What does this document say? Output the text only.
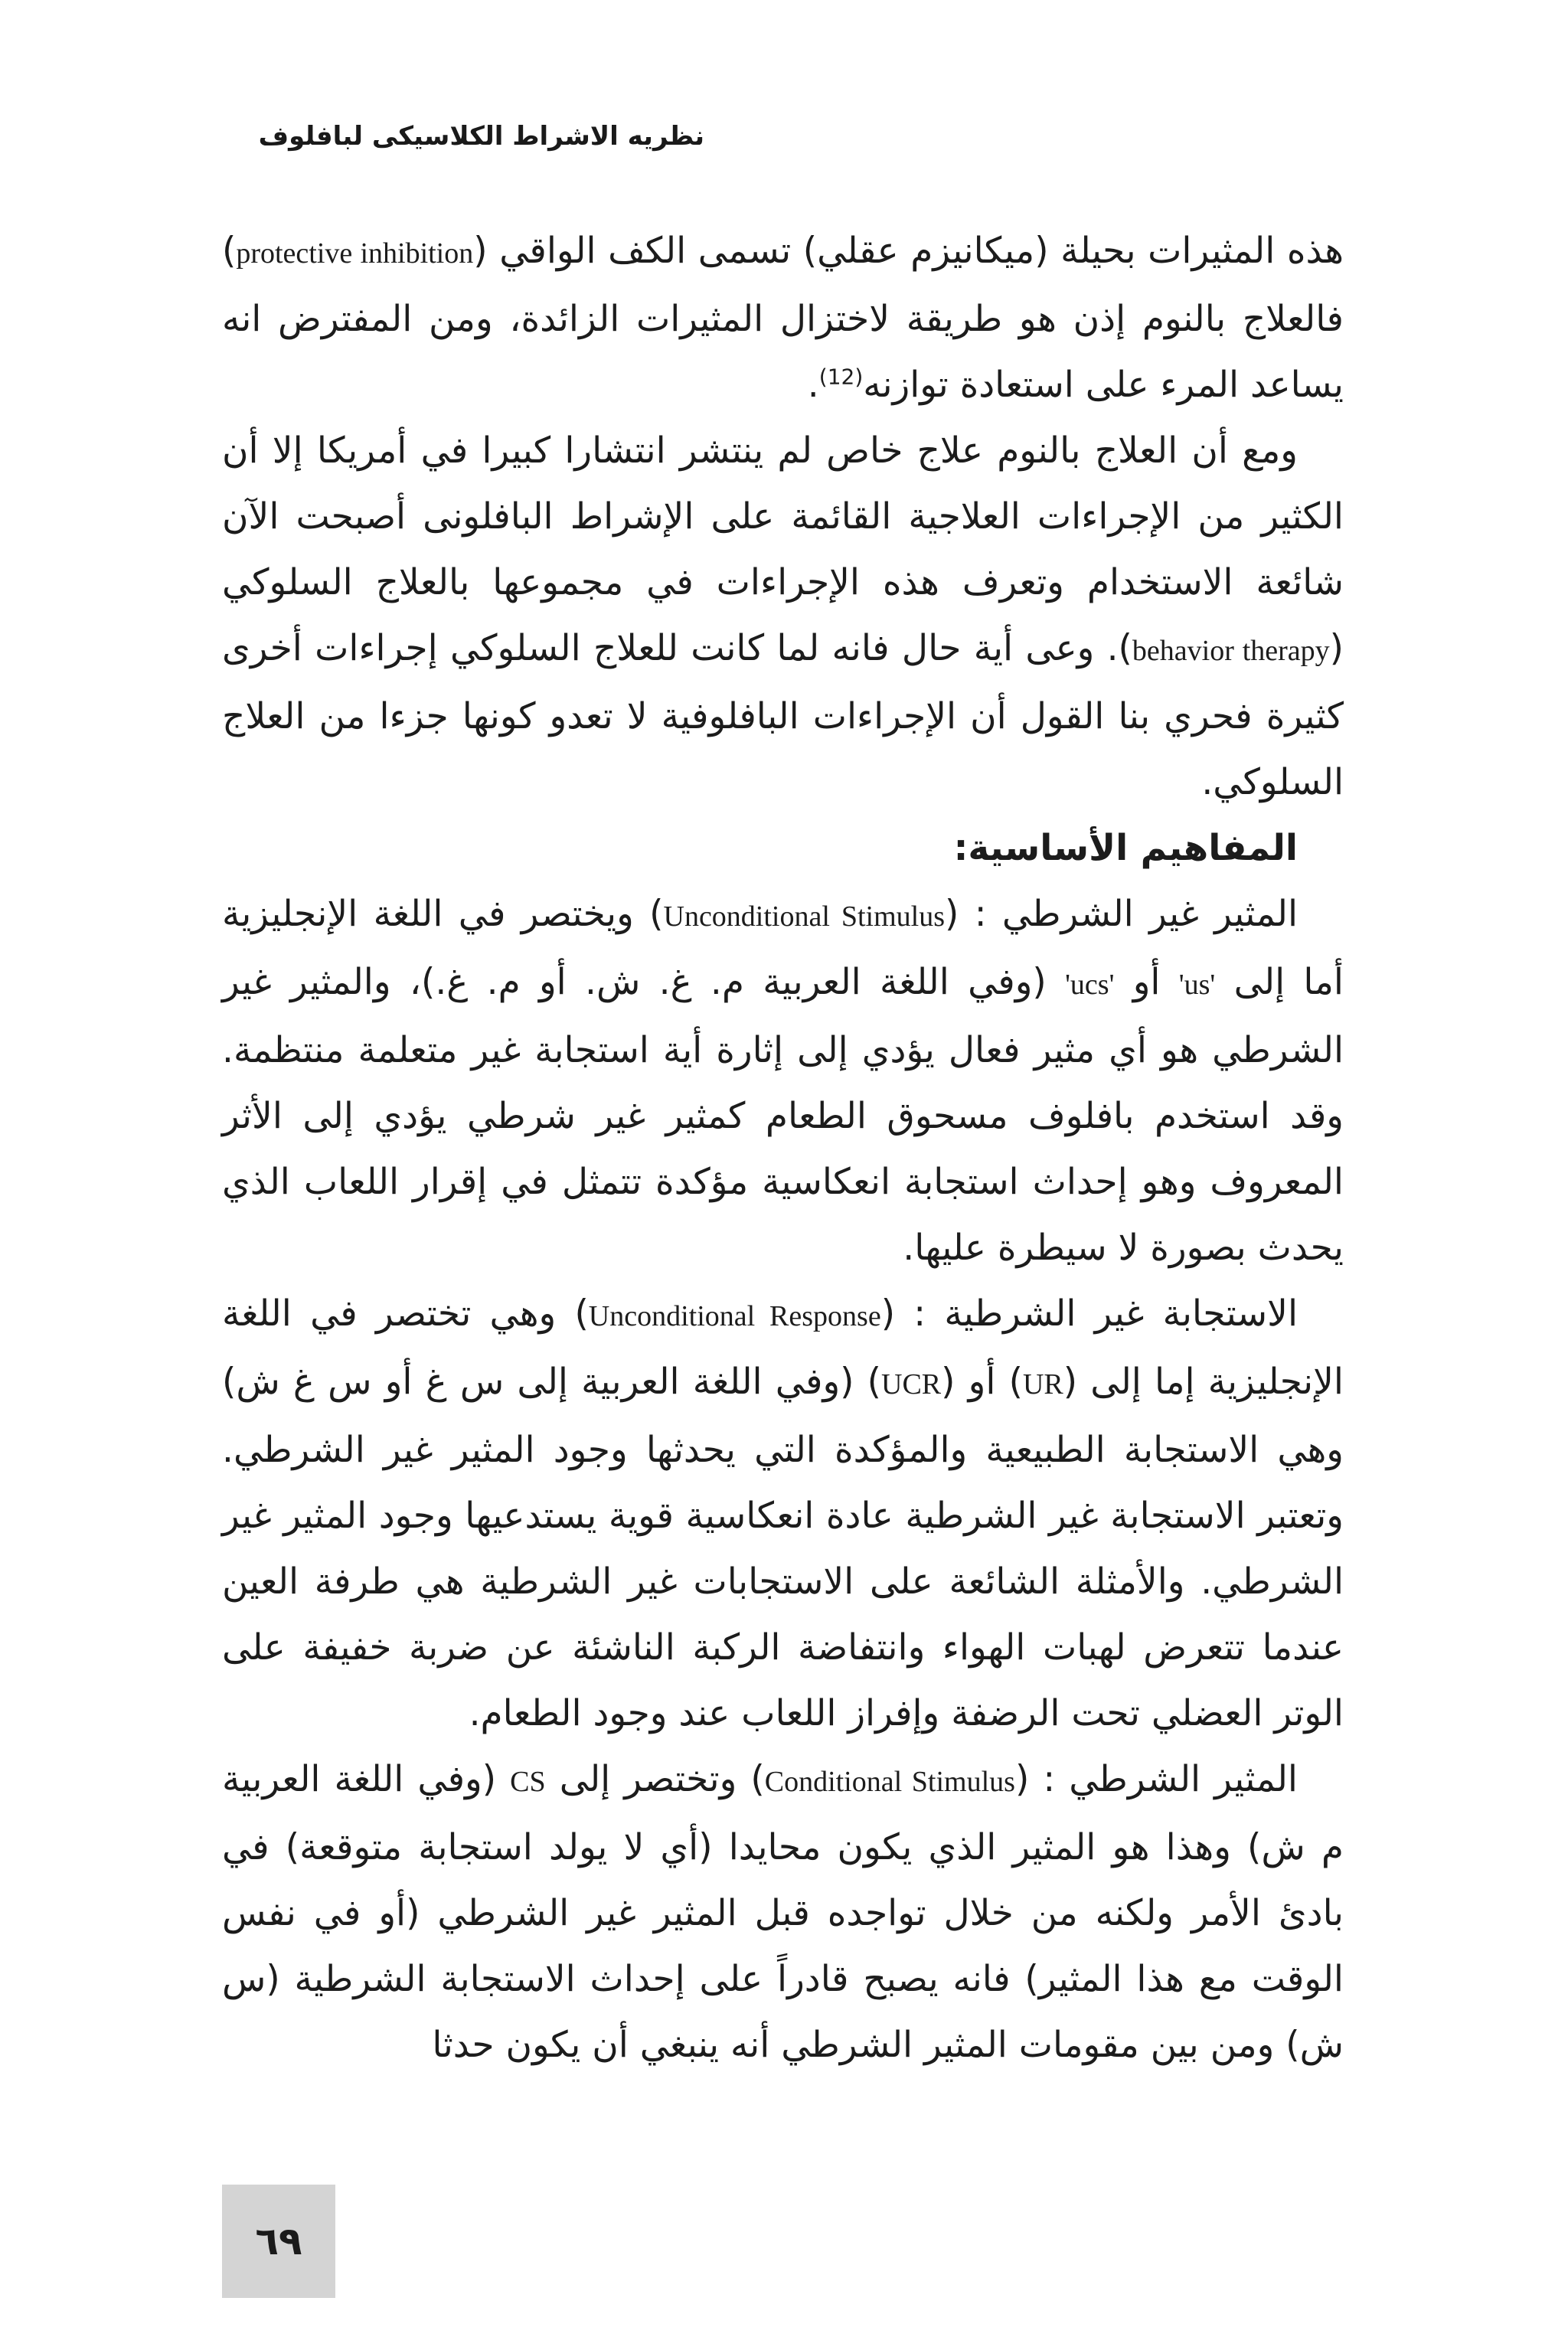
نظريه الاشراط الكلاسيكى لبافلوف

هذه المثيرات بحيلة (ميكانيزم عقلي) تسمى الكف الواقي (protective inhibition) فالعلاج بالنوم إذن هو طريقة لاختزال المثيرات الزائدة، ومن المفترض انه يساعد المرء على استعادة توازنه$^{(12)}$.

ومع أن العلاج بالنوم علاج خاص لم ينتشر انتشارا كبيرا في أمريكا إلا أن الكثير من الإجراءات العلاجية القائمة على الإشراط البافلونى أصبحت الآن شائعة الاستخدام وتعرف هذه الإجراءات في مجموعها بالعلاج السلوكي (behavior therapy). وعى أية حال فانه لما كانت للعلاج السلوكي إجراءات أخرى كثيرة فحري بنا القول أن الإجراءات البافلوفية لا تعدو كونها جزءا من العلاج السلوكي.

المفاهيم الأساسية:

المثير غير الشرطي : (Unconditional Stimulus) ويختصر في اللغة الإنجليزية أما إلى 'us' أو 'ucs' (وفي اللغة العربية م. غ. ش. أو م. غ.)، والمثير غير الشرطي هو أي مثير فعال يؤدي إلى إثارة أية استجابة غير متعلمة منتظمة. وقد استخدم بافلوف مسحوق الطعام كمثير غير شرطي يؤدي إلى الأثر المعروف وهو إحداث استجابة انعكاسية مؤكدة تتمثل في إقرار اللعاب الذي يحدث بصورة لا سيطرة عليها.

الاستجابة غير الشرطية : (Unconditional Response) وهي تختصر في اللغة الإنجليزية إما إلى (UR) أو (UCR) (وفي اللغة العربية إلى س غ أو س غ ش) وهي الاستجابة الطبيعية والمؤكدة التي يحدثها وجود المثير غير الشرطي. وتعتبر الاستجابة غير الشرطية عادة انعكاسية قوية يستدعيها وجود المثير غير الشرطي. والأمثلة الشائعة على الاستجابات غير الشرطية هي طرفة العين عندما تتعرض لهبات الهواء وانتفاضة الركبة الناشئة عن ضربة خفيفة على الوتر العضلي تحت الرضفة وإفراز اللعاب عند وجود الطعام.

المثير الشرطي : (Conditional Stimulus) وتختصر إلى CS (وفي اللغة العربية م ش) وهذا هو المثير الذي يكون محايدا (أي لا يولد استجابة متوقعة) في بادئ الأمر ولكنه من خلال تواجده قبل المثير غير الشرطي (أو في نفس الوقت مع هذا المثير) فانه يصبح قادراً على إحداث الاستجابة الشرطية (س ش) ومن بين مقومات المثير الشرطي أنه ينبغي أن يكون حدثا

٦٩
